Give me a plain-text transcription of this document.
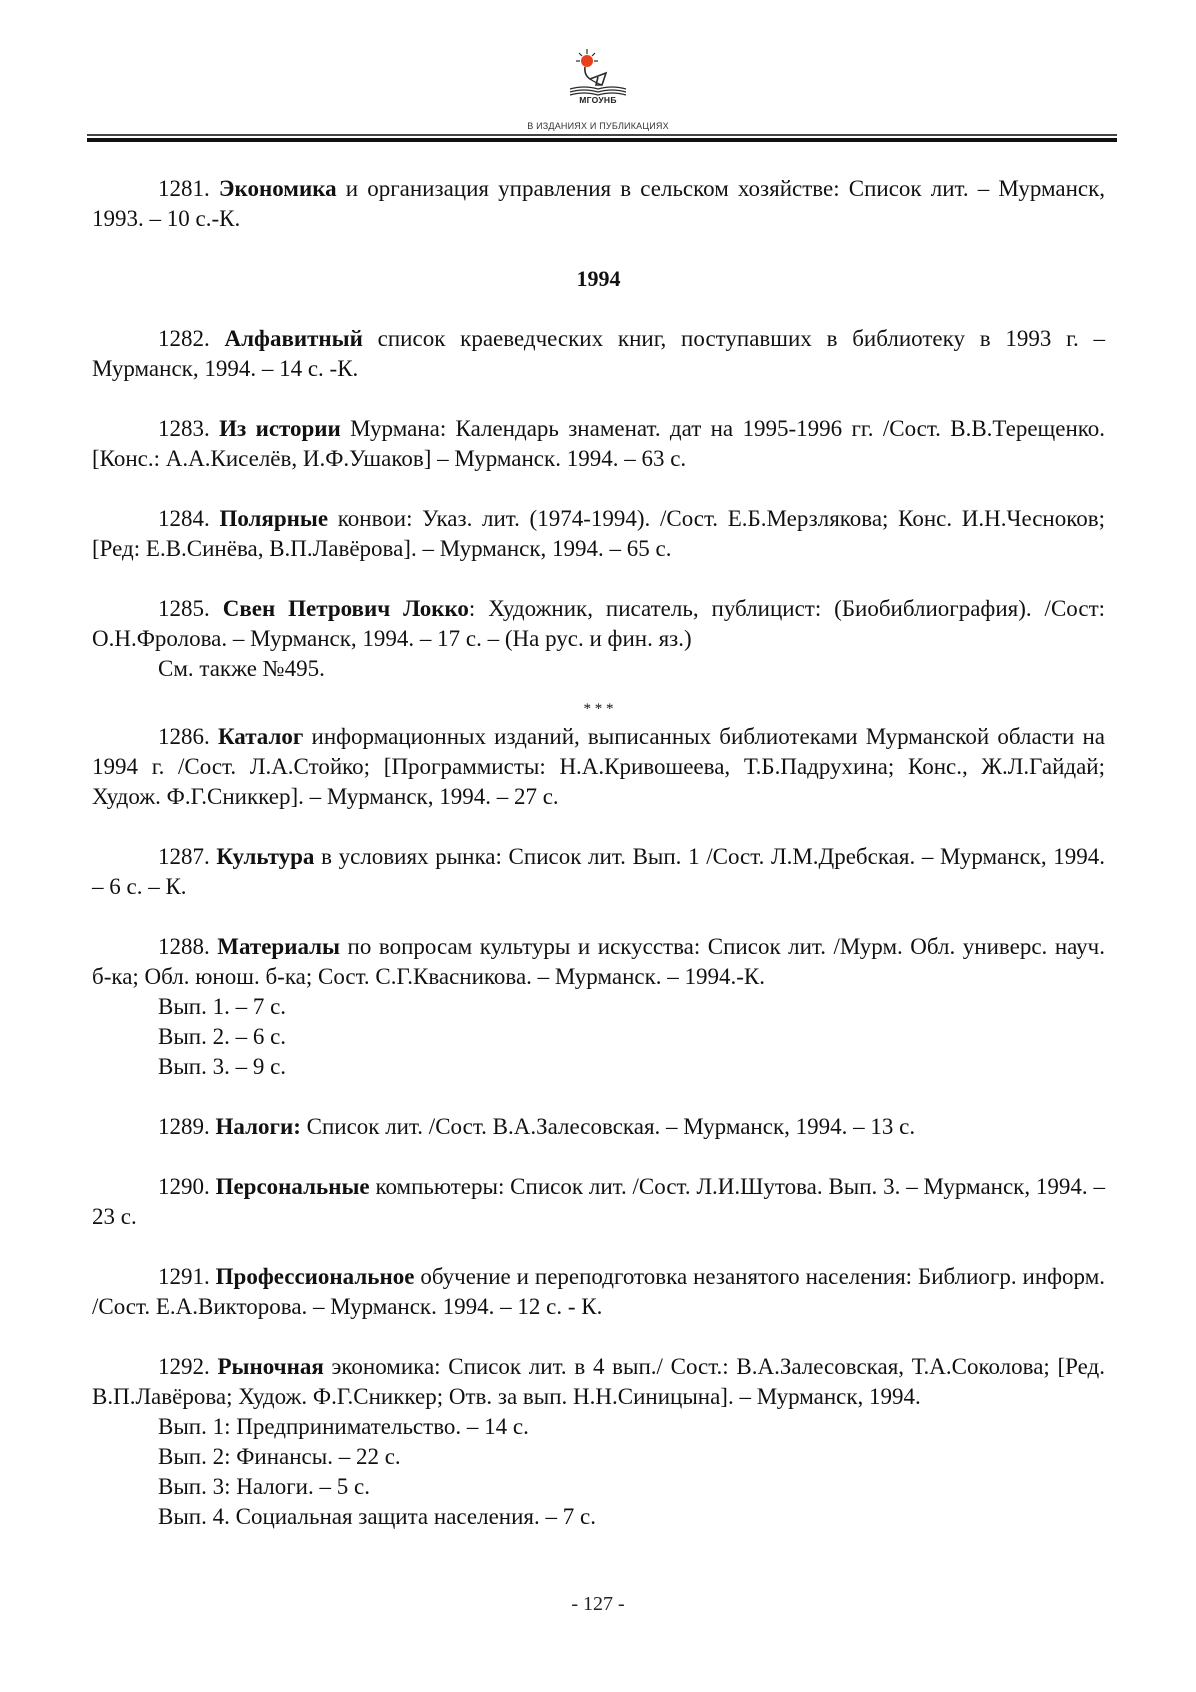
МГОУНБ
В ИЗДАНИЯХ И ПУБЛИКАЦИЯХ

1281. Экономика и организация управления в сельском хозяйстве: Список лит. – Мурманск, 1993. – 10 с.-К.

1994

1282. Алфавитный список краеведческих книг, поступавших в библиотеку в 1993 г. – Мурманск, 1994. – 14 с. -К.

1283. Из истории Мурмана: Календарь знаменат. дат на 1995-1996 гг. /Сост. В.В.Терещенко. [Конс.: А.А.Киселёв, И.Ф.Ушаков] – Мурманск. 1994. – 63 с.

1284. Полярные конвои: Указ. лит. (1974-1994). /Сост. Е.Б.Мерзлякова; Конс. И.Н.Чесноков; [Ред: Е.В.Синёва, В.П.Лавёрова]. – Мурманск, 1994. – 65 с.

1285. Свен Петрович Локко: Художник, писатель, публицист: (Биобиблиография). /Сост: О.Н.Фролова. – Мурманск, 1994. – 17 с. – (На рус. и фин. яз.)

См. также №495.

* * *

1286. Каталог информационных изданий, выписанных библиотеками Мурманской области на 1994 г. /Сост. Л.А.Стойко; [Программисты: Н.А.Кривошеева, Т.Б.Падрухина; Конс., Ж.Л.Гайдай; Худож. Ф.Г.Сниккер]. – Мурманск, 1994. – 27 с.

1287. Культура в условиях рынка: Список лит. Вып. 1 /Сост. Л.М.Дребская. – Мурманск, 1994. – 6 с. – К.

1288. Материалы по вопросам культуры и искусства: Список лит. /Мурм. Обл. универс. науч. б-ка; Обл. юнош. б-ка; Сост. С.Г.Квасникова. – Мурманск. – 1994.-К.

Вып. 1. – 7 с.

Вып. 2. – 6 с.

Вып. 3. – 9 с.

1289. Налоги: Список лит. /Сост. В.А.Залесовская. – Мурманск, 1994. – 13 с.

1290. Персональные компьютеры: Список лит. /Сост. Л.И.Шутова. Вып. 3. – Мурманск, 1994. – 23 с.

1291. Профессиональное обучение и переподготовка незанятого населения: Библиогр. информ. /Сост. Е.А.Викторова. – Мурманск. 1994. – 12 с. - К.

1292. Рыночная экономика: Список лит. в 4 вып./ Сост.: В.А.Залесовская, Т.А.Соколова; [Ред. В.П.Лавёрова; Худож. Ф.Г.Сниккер; Отв. за вып. Н.Н.Синицына]. – Мурманск, 1994.

Вып. 1: Предпринимательство. – 14 с.

Вып. 2: Финансы. – 22 с.

Вып. 3: Налоги. – 5 с.

Вып. 4. Социальная защита населения. – 7 с.

- 127 -
